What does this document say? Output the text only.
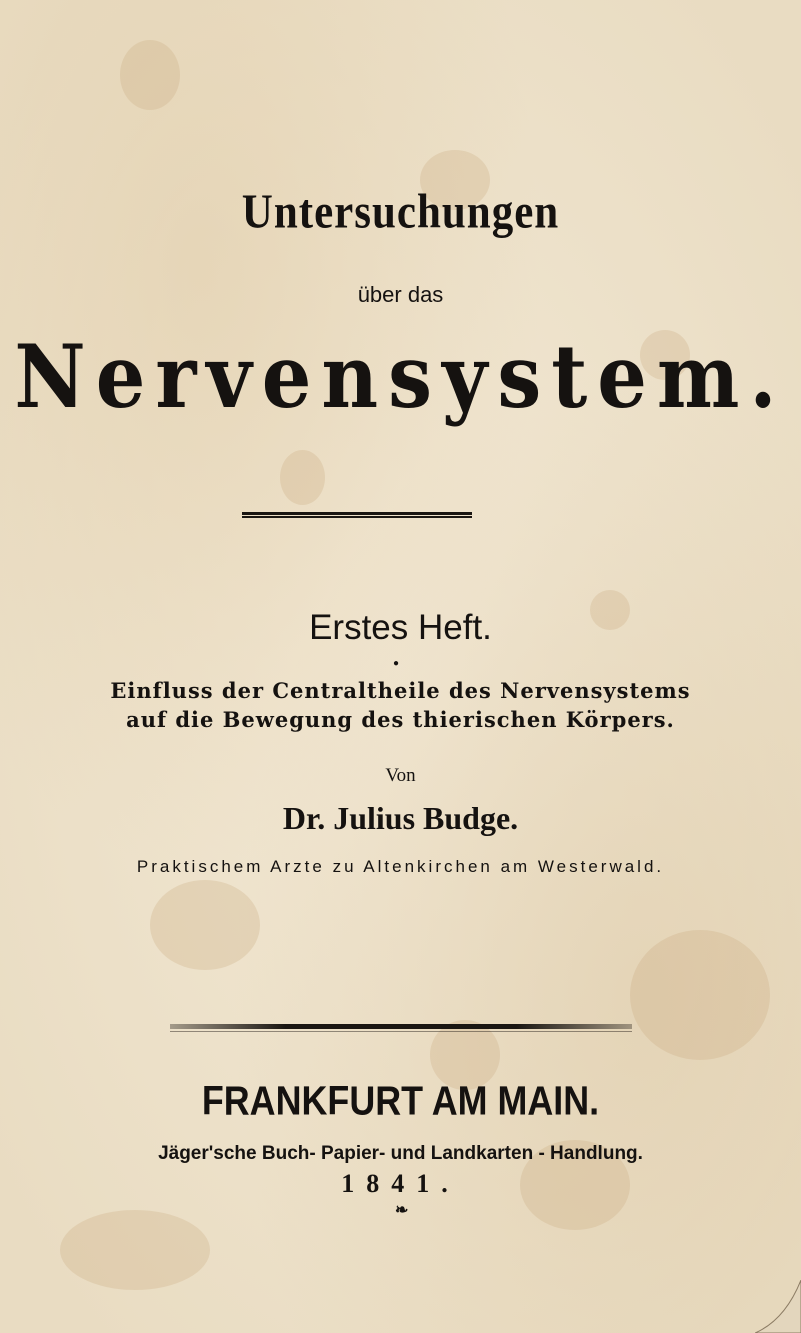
Untersuchungen

über das

Nervensystem.

Erstes Heft.

●

Einfluss der Centraltheile des Nervensystems

auf die Bewegung des thierischen Körpers.

Von

Dr. Julius Budge.

Praktischem Arzte zu Altenkirchen am Westerwald.

FRANKFURT AM MAIN.

Jäger'sche Buch- Papier- und Landkarten - Handlung.

1841.

❧
